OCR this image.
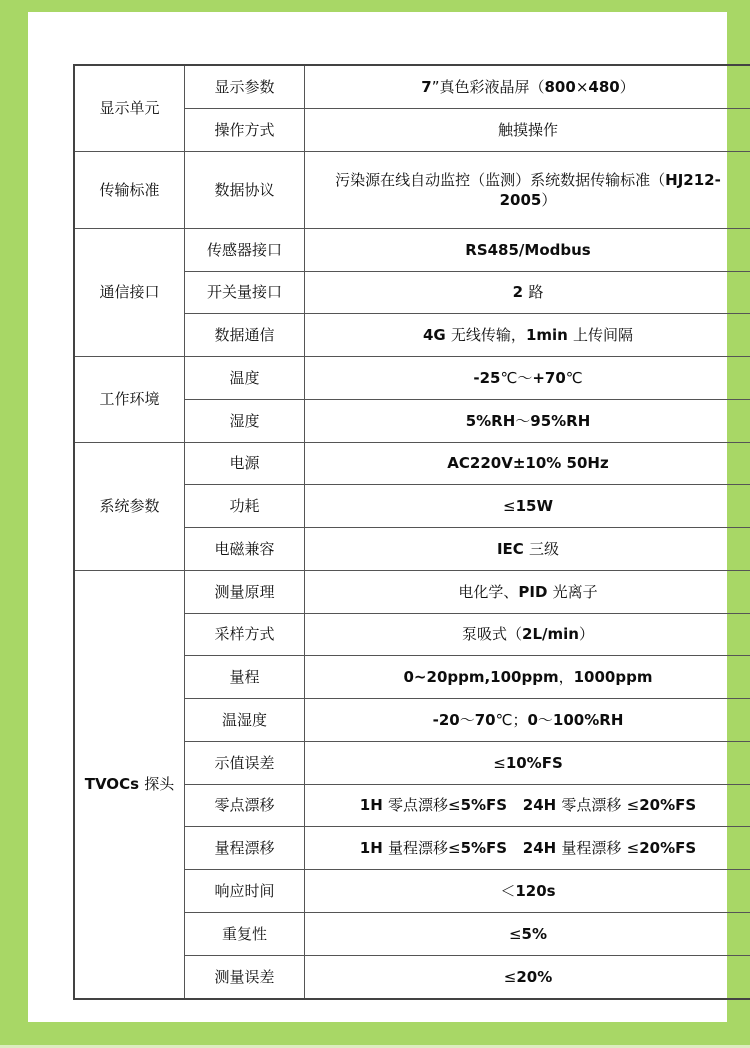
显示单元	显示参数	7”真色彩液晶屏（800×480）
	操作方式	触摸操作
传输标准	数据协议	污染源在线自动监控（监测）系统数据传输标准（HJ212-2005）
通信接口	传感器接口	RS485/Modbus
	开关量接口	2 路
	数据通信	4G 无线传输，1min 上传间隔
工作环境	温度	-25℃～+70℃
	湿度	5%RH～95%RH
系统参数	电源	AC220V±10% 50Hz
	功耗	≤15W
	电磁兼容	IEC 三级
TVOCs 探头	测量原理	电化学、PID 光离子
	采样方式	泵吸式（2L/min）
	量程	0~20ppm,100ppm，1000ppm
	温湿度	-20～70℃；0～100%RH
	示值误差	≤10%FS
	零点漂移	1H 零点漂移≤5%FS   24H 零点漂移 ≤20%FS
	量程漂移	1H 量程漂移≤5%FS   24H 量程漂移 ≤20%FS
	响应时间	＜120s
	重复性	≤5%
	测量误差	≤20%
